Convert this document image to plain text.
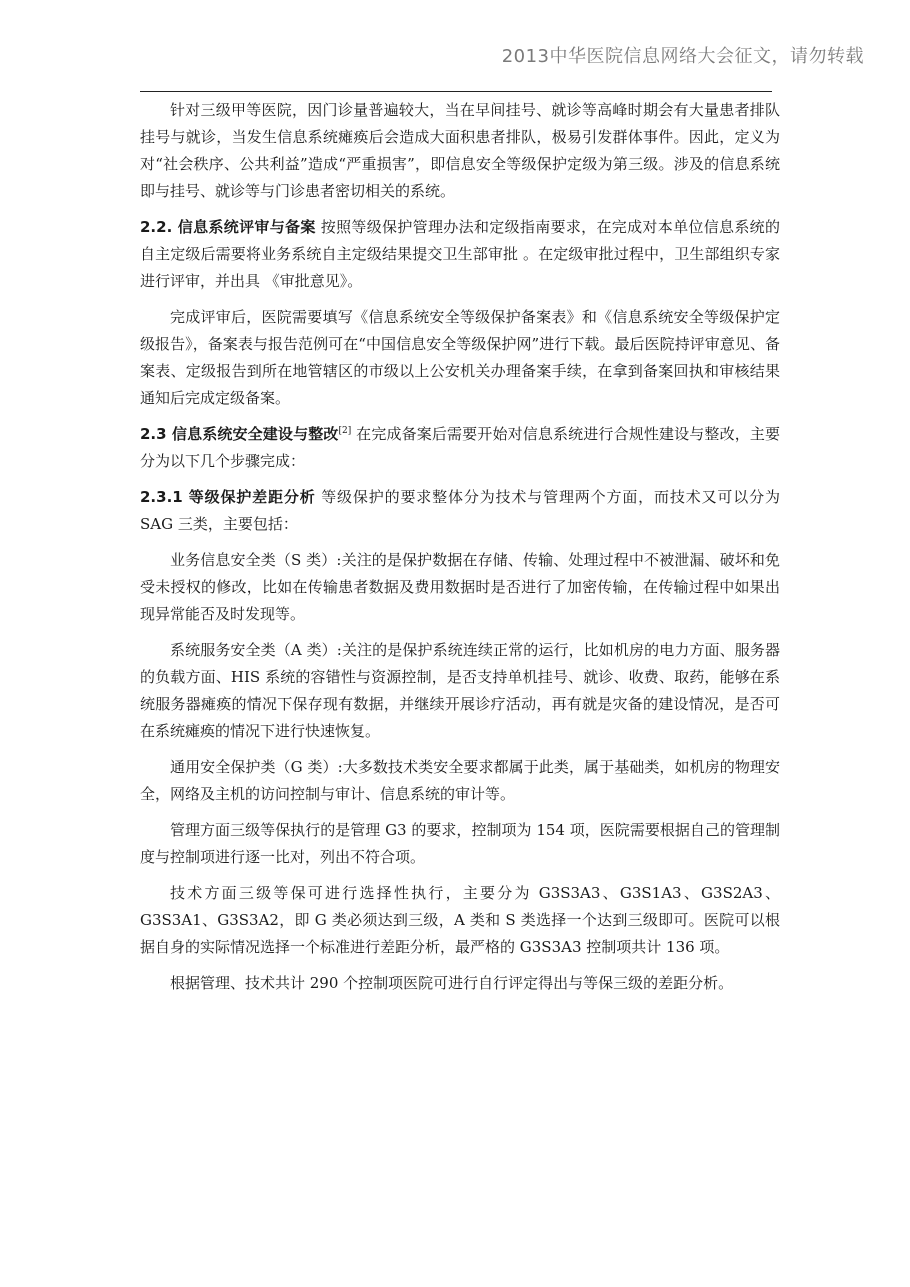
2013中华医院信息网络大会征文，请勿转载

针对三级甲等医院，因门诊量普遍较大，当在早间挂号、就诊等高峰时期会有大量患者排队挂号与就诊，当发生信息系统瘫痪后会造成大面积患者排队，极易引发群体事件。因此，定义为对“社会秩序、公共利益”造成“严重损害”，即信息安全等级保护定级为第三级。涉及的信息系统即与挂号、就诊等与门诊患者密切相关的系统。

2.2. 信息系统评审与备案 按照等级保护管理办法和定级指南要求，在完成对本单位信息系统的自主定级后需要将业务系统自主定级结果提交卫生部审批 。在定级审批过程中，卫生部组织专家进行评审，并出具 《审批意见》。

完成评审后，医院需要填写《信息系统安全等级保护备案表》和《信息系统安全等级保护定级报告》，备案表与报告范例可在“中国信息安全等级保护网”进行下载。最后医院持评审意见、备案表、定级报告到所在地管辖区的市级以上公安机关办理备案手续，在拿到备案回执和审核结果通知后完成定级备案。

2.3 信息系统安全建设与整改[2] 在完成备案后需要开始对信息系统进行合规性建设与整改，主要分为以下几个步骤完成：

2.3.1 等级保护差距分析 等级保护的要求整体分为技术与管理两个方面，而技术又可以分为 SAG 三类，主要包括：

业务信息安全类（S 类）:关注的是保护数据在存储、传输、处理过程中不被泄漏、破坏和免受未授权的修改，比如在传输患者数据及费用数据时是否进行了加密传输，在传输过程中如果出现异常能否及时发现等。

系统服务安全类（A 类）:关注的是保护系统连续正常的运行，比如机房的电力方面、服务器的负载方面、HIS 系统的容错性与资源控制，是否支持单机挂号、就诊、收费、取药，能够在系统服务器瘫痪的情况下保存现有数据，并继续开展诊疗活动，再有就是灾备的建设情况，是否可在系统瘫痪的情况下进行快速恢复。

通用安全保护类（G 类）:大多数技术类安全要求都属于此类，属于基础类，如机房的物理安全，网络及主机的访问控制与审计、信息系统的审计等。

管理方面三级等保执行的是管理 G3 的要求，控制项为 154 项，医院需要根据自己的管理制度与控制项进行逐一比对，列出不符合项。

技术方面三级等保可进行选择性执行，主要分为 G3S3A3、G3S1A3、G3S2A3、G3S3A1、G3S3A2，即 G 类必须达到三级，A 类和 S 类选择一个达到三级即可。医院可以根据自身的实际情况选择一个标准进行差距分析，最严格的 G3S3A3 控制项共计 136 项。

根据管理、技术共计 290 个控制项医院可进行自行评定得出与等保三级的差距分析。
